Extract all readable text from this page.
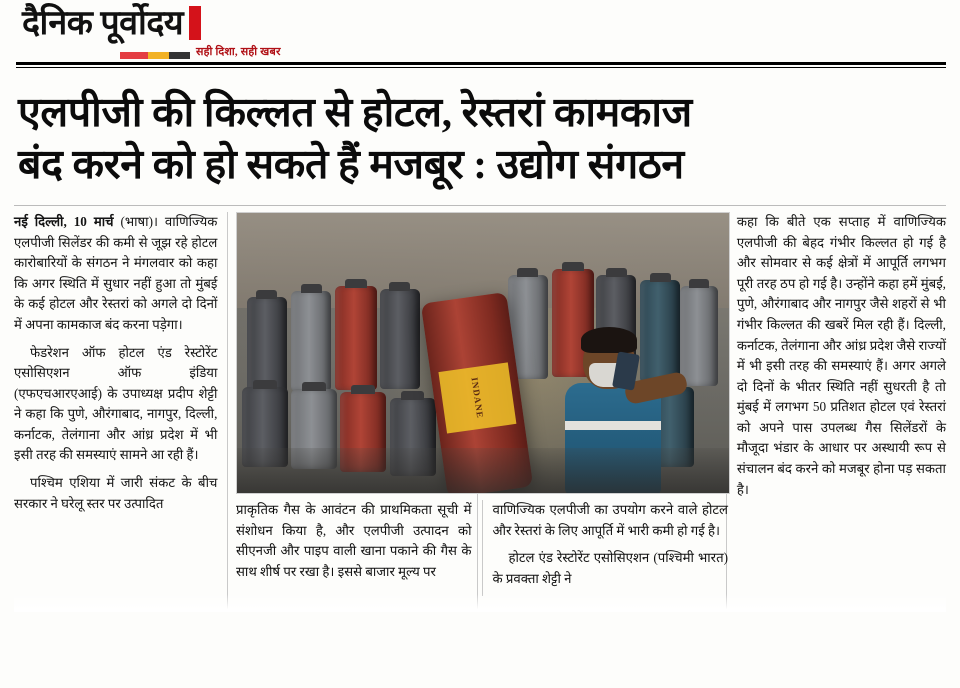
दैनिक पूर्वोदय
सही दिशा, सही खबर
एलपीजी की किल्लत से होटल, रेस्तरां कामकाज
बंद करने को हो सकते हैं मजबूर : उद्योग संगठन

नई दिल्ली, 10 मार्च (भाषा)। वाणिज्यिक एलपीजी सिलेंडर की कमी से जूझ रहे होटल कारोबारियों के संगठन ने मंगलवार को कहा कि अगर स्थिति में सुधार नहीं हुआ तो मुंबई के कई होटल और रेस्तरां को अगले दो दिनों में अपना कामकाज बंद करना पड़ेगा।

फेडरेशन ऑफ होटल एंड रेस्टोरेंट एसोसिएशन ऑफ इंडिया (एफएचआरएआई) के उपाध्यक्ष प्रदीप शेट्टी ने कहा कि पुणे, औरंगाबाद, नागपुर, दिल्ली, कर्नाटक, तेलंगाना और आंध्र प्रदेश में भी इसी तरह की समस्याएं सामने आ रही हैं।

पश्चिम एशिया में जारी संकट के बीच सरकार ने घरेलू स्तर पर उत्पादित

कहा कि बीते एक सप्ताह में वाणिज्यिक एलपीजी की बेहद गंभीर किल्लत हो गई है और सोमवार से कई क्षेत्रों में आपूर्ति लगभग पूरी तरह ठप हो गई है। उन्होंने कहा हमें मुंबई, पुणे, औरंगाबाद और नागपुर जैसे शहरों से भी गंभीर किल्लत की खबरें मिल रही हैं। दिल्ली, कर्नाटक, तेलंगाना और आंध्र प्रदेश जैसे राज्यों में भी इसी तरह की समस्याएं हैं। अगर अगले दो दिनों के भीतर स्थिति नहीं सुधरती है तो मुंबई में लगभग 50 प्रतिशत होटल एवं रेस्तरां को अपने पास उपलब्ध गैस सिलेंडरों के मौजूदा भंडार के आधार पर अस्थायी रूप से संचालन बंद करने को मजबूर होना पड़ सकता है।

INDANE

प्राकृतिक गैस के आवंटन की प्राथमिकता सूची में संशोधन किया है, और एलपीजी उत्पादन को सीएनजी और पाइप वाली खाना पकाने की गैस के साथ शीर्ष पर रखा है। इससे बाजार मूल्य पर

वाणिज्यिक एलपीजी का उपयोग करने वाले होटल और रेस्तरां के लिए आपूर्ति में भारी कमी हो गई है।

होटल एंड रेस्टोरेंट एसोसिएशन (पश्चिमी भारत) के प्रवक्ता शेट्टी ने
